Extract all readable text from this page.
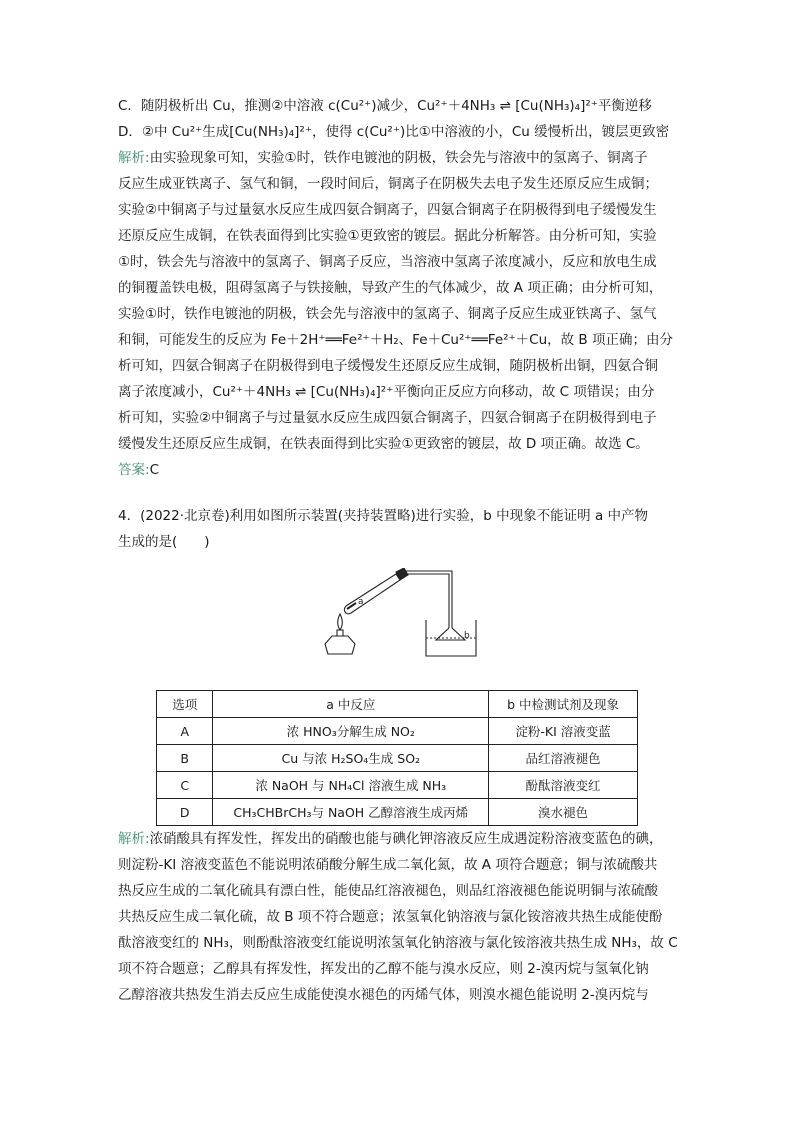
C．随阴极析出 Cu，推测②中溶液 c(Cu²⁺)减少，Cu²⁺＋4NH₃ ⇌ [Cu(NH₃)₄]²⁺平衡逆移
D．②中 Cu²⁺生成[Cu(NH₃)₄]²⁺，使得 c(Cu²⁺)比①中溶液的小，Cu 缓慢析出，镀层更致密
解析:由实验现象可知，实验①时，铁作电镀池的阴极，铁会先与溶液中的氢离子、铜离子
反应生成亚铁离子、氢气和铜，一段时间后，铜离子在阴极失去电子发生还原反应生成铜；
实验②中铜离子与过量氨水反应生成四氨合铜离子，四氨合铜离子在阴极得到电子缓慢发生
还原反应生成铜，在铁表面得到比实验①更致密的镀层。据此分析解答。由分析可知，实验
①时，铁会先与溶液中的氢离子、铜离子反应，当溶液中氢离子浓度减小，反应和放电生成
的铜覆盖铁电极，阻碍氢离子与铁接触，导致产生的气体减少，故 A 项正确；由分析可知，
实验①时，铁作电镀池的阴极，铁会先与溶液中的氢离子、铜离子反应生成亚铁离子、氢气
和铜，可能发生的反应为 Fe＋2H⁺══Fe²⁺＋H₂、Fe＋Cu²⁺══Fe²⁺＋Cu，故 B 项正确；由分
析可知，四氨合铜离子在阴极得到电子缓慢发生还原反应生成铜，随阴极析出铜，四氨合铜
离子浓度减小，Cu²⁺＋4NH₃ ⇌ [Cu(NH₃)₄]²⁺平衡向正反应方向移动，故 C 项错误；由分
析可知，实验②中铜离子与过量氨水反应生成四氨合铜离子，四氨合铜离子在阴极得到电子
缓慢发生还原反应生成铜，在铁表面得到比实验①更致密的镀层，故 D 项正确。故选 C。
答案:C
4．(2022·北京卷)利用如图所示装置(夹持装置略)进行实验，b 中现象不能证明 a 中产物
生成的是(　　)
a
b
选项	a 中反应	b 中检测试剂及现象
A	浓 HNO₃分解生成 NO₂	淀粉-KI 溶液变蓝
B	Cu 与浓 H₂SO₄生成 SO₂	品红溶液褪色
C	浓 NaOH 与 NH₄Cl 溶液生成 NH₃	酚酞溶液变红
D	CH₃CHBrCH₃与 NaOH 乙醇溶液生成丙烯	溴水褪色
解析:浓硝酸具有挥发性，挥发出的硝酸也能与碘化钾溶液反应生成遇淀粉溶液变蓝色的碘，
则淀粉-KI 溶液变蓝色不能说明浓硝酸分解生成二氧化氮，故 A 项符合题意；铜与浓硫酸共
热反应生成的二氧化硫具有漂白性，能使品红溶液褪色，则品红溶液褪色能说明铜与浓硫酸
共热反应生成二氧化硫，故 B 项不符合题意；浓氢氧化钠溶液与氯化铵溶液共热生成能使酚
酞溶液变红的 NH₃，则酚酞溶液变红能说明浓氢氧化钠溶液与氯化铵溶液共热生成 NH₃，故 C
项不符合题意；乙醇具有挥发性，挥发出的乙醇不能与溴水反应，则 2-溴丙烷与氢氧化钠
乙醇溶液共热发生消去反应生成能使溴水褪色的丙烯气体，则溴水褪色能说明 2-溴丙烷与
